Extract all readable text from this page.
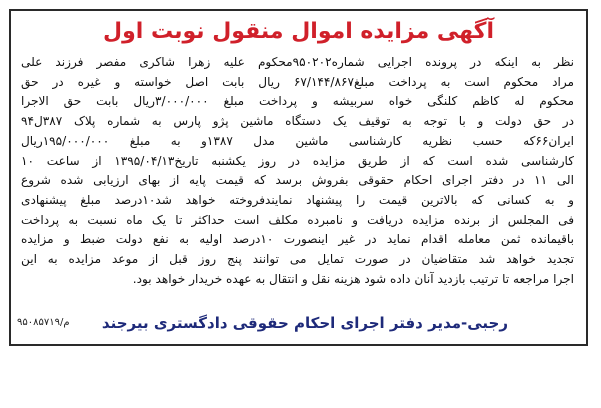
آگهی مزایده اموال منقول نوبت اول
نظر به اینکه در پرونده اجرایی شماره۹۵۰۲۰۲محکوم علیه زهرا شاکری مفصر فرزند علی
مراد محکوم است به پرداخت مبلغ۶۷/۱۴۴/۸۶۷ ریال بابت اصل خواسته و غیره در حق
محکوم له کاظم کلنگی خواه سربیشه و پرداخت مبلغ ۳/۰۰۰/۰۰۰ریال بابت حق الاجرا
در حق دولت و با توجه به توقیف یک دستگاه ماشین پژو پارس به شماره پلاک ۳۸۷ل۹۴
ایران۶۶که حسب نظریه کارشناسی ماشین مدل ۱۳۸۷و به مبلغ ۱۹۵/۰۰۰/۰۰۰ریال
کارشناسی شده است که از طریق مزایده در روز یکشنبه تاریخ۱۳۹۵/۰۴/۱۳ از ساعت ۱۰
الی ۱۱ در دفتر اجرای احکام حقوقی بفروش برسد که قیمت پایه از بهای ارزیابی شده شروع
و به کسانی که بالاترین قیمت را پیشنهاد نمایندفروخته خواهد شد۱۰درصد مبلغ پیشنهادی
فی المجلس از برنده مزایده دریافت و نامبرده مکلف است حداکثر تا یک ماه نسبت به پرداخت
باقیمانده ثمن معامله اقدام نماید در غیر اینصورت ۱۰درصد اولیه به نفع دولت ضبط و مزایده
تجدید خواهد شد متقاضیان در صورت تمایل می توانند پنج روز قبل از موعد مزایده به این
اجرا مراجعه تا ترتیب بازدید آنان داده شود هزینه نقل و انتقال به عهده خریدار خواهد بود.
رجبی-مدیر دفتر اجرای احکام حقوقی دادگستری بیرجند
م/۹۵۰۸۵۷۱۹
